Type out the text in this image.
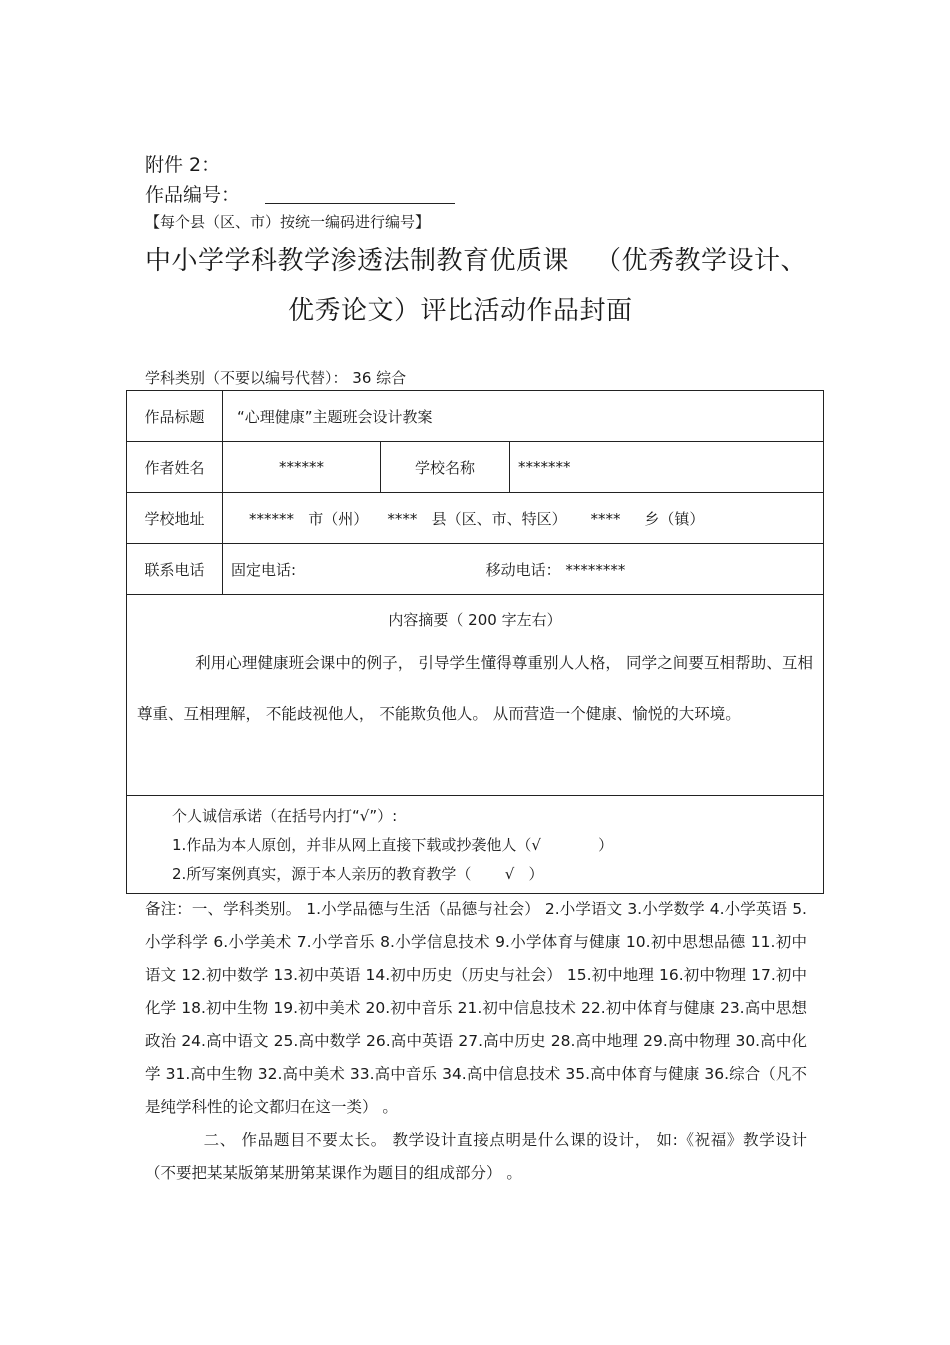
附件 2：
作品编号：
【每个县（区、市）按统一编码进行编号】
中小学学科教学渗透法制教育优质课 （优秀教学设计、
优秀论文）评比活动作品封面
学科类别（不要以编号代替）： 36 综合
作品标题	“心理健康”主题班会设计教案		
作者姓名	******	学校名称	*******
学校地址	******   市（州）    ****   县（区、市、特区）     ****     乡（镇）		
联系电话	固定电话: 移动电话： ********		

内容摘要（ 200 字左右）
利用心理健康班会课中的例子， 引导学生懂得尊重别人人格， 同学之间要互相帮助、互相尊重、互相理解， 不能歧视他人， 不能欺负他人。 从而营造一个健康、愉悦的大环境。			

个人诚信承诺（在括号内打“√”）:
1.作品为本人原创，并非从网上直接下载或抄袭他人（√            ）
2.所写案例真实，源于本人亲历的教育教学（       √   ）			

备注：一、学科类别。 1.小学品德与生活（品德与社会） 2.小学语文 3.小学数学 4.小学英语 5.小学科学 6.小学美术 7.小学音乐 8.小学信息技术 9.小学体育与健康 10.初中思想品德 11.初中语文 12.初中数学 13.初中英语 14.初中历史（历史与社会） 15.初中地理 16.初中物理 17.初中化学 18.初中生物 19.初中美术 20.初中音乐 21.初中信息技术 22.初中体育与健康 23.高中思想政治 24.高中语文 25.高中数学 26.高中英语 27.高中历史 28.高中地理 29.高中物理 30.高中化学 31.高中生物 32.高中美术 33.高中音乐 34.高中信息技术 35.高中体育与健康 36.综合（凡不是纯学科性的论文都归在这一类） 。

二、 作品题目不要太长。 教学设计直接点明是什么课的设计， 如:《祝福》教学设计（不要把某某版第某册第某课作为题目的组成部分） 。
